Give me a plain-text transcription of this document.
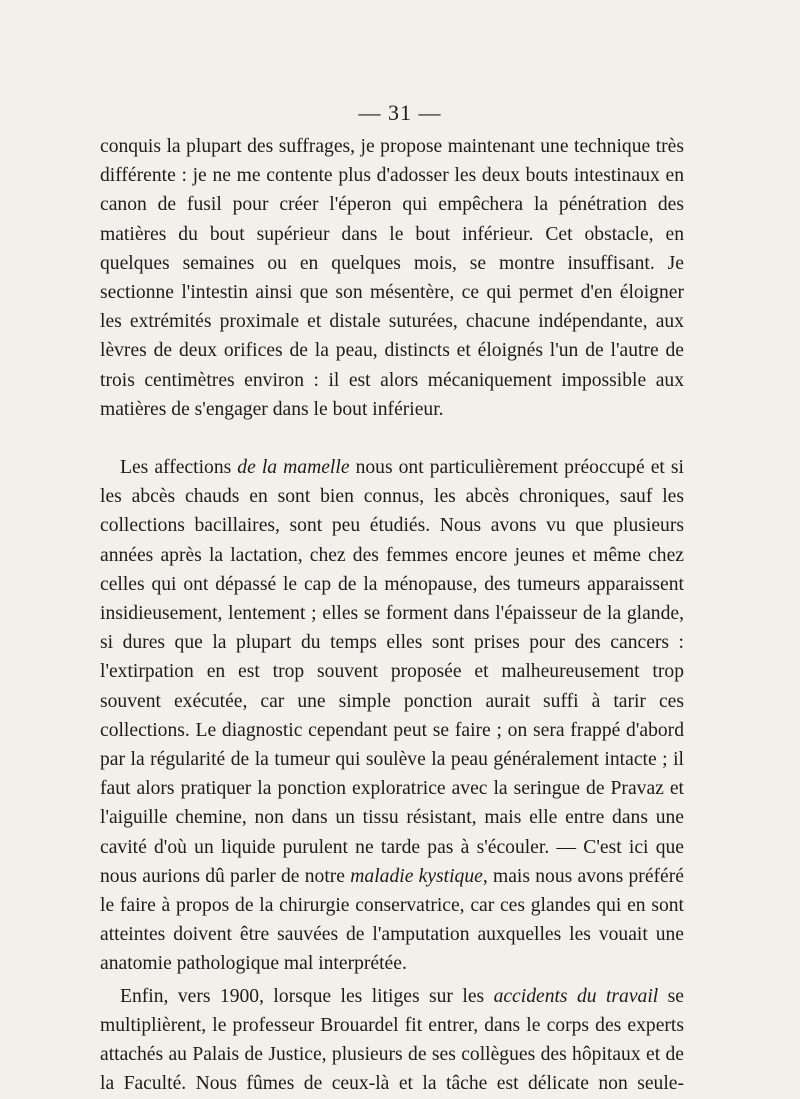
— 31 —

conquis la plupart des suffrages, je propose maintenant une technique très différente : je ne me contente plus d'adosser les deux bouts intestinaux en canon de fusil pour créer l'éperon qui empêchera la pénétration des matières du bout supérieur dans le bout inférieur. Cet obstacle, en quelques semaines ou en quelques mois, se montre insuffisant. Je sectionne l'intestin ainsi que son mésentère, ce qui permet d'en éloigner les extrémités proximale et distale suturées, chacune indépendante, aux lèvres de deux orifices de la peau, distincts et éloignés l'un de l'autre de trois centimètres environ : il est alors mécaniquement impossible aux matières de s'engager dans le bout inférieur.

Les affections de la mamelle nous ont particulièrement préoccupé et si les abcès chauds en sont bien connus, les abcès chroniques, sauf les collections bacillaires, sont peu étudiés. Nous avons vu que plusieurs années après la lactation, chez des femmes encore jeunes et même chez celles qui ont dépassé le cap de la ménopause, des tumeurs apparaissent insidieusement, lentement ; elles se forment dans l'épaisseur de la glande, si dures que la plupart du temps elles sont prises pour des cancers : l'extirpation en est trop souvent proposée et malheureusement trop souvent exécutée, car une simple ponction aurait suffi à tarir ces collections. Le diagnostic cependant peut se faire ; on sera frappé d'abord par la régularité de la tumeur qui soulève la peau généralement intacte ; il faut alors pratiquer la ponction exploratrice avec la seringue de Pravaz et l'aiguille chemine, non dans un tissu résistant, mais elle entre dans une cavité d'où un liquide purulent ne tarde pas à s'écouler. — C'est ici que nous aurions dû parler de notre maladie kystique, mais nous avons préféré le faire à propos de la chirurgie conservatrice, car ces glandes qui en sont atteintes doivent être sauvées de l'amputation auxquelles les vouait une anatomie pathologique mal interprétée.

Enfin, vers 1900, lorsque les litiges sur les accidents du travail se multiplièrent, le professeur Brouardel fit entrer, dans le corps des experts attachés au Palais de Justice, plusieurs de ses collègues des hôpitaux et de la Faculté. Nous fûmes de ceux-là et la tâche est délicate non seule-
